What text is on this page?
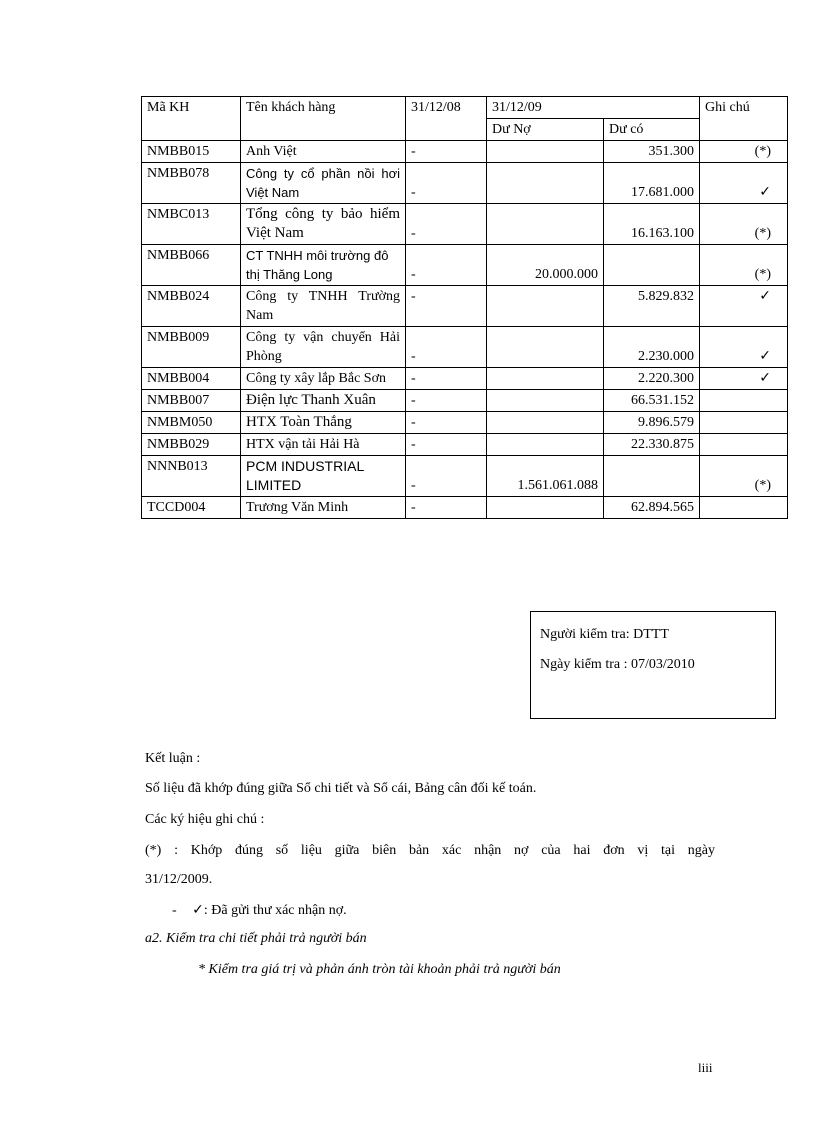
Mã KH	Tên khách hàng	31/12/08	31/12/09		Ghi chú
			Dư Nợ	Dư có	
NMBB015	Anh Việt	-		351.300	(*)
NMBB078	Công ty cổ phần nồi hơi Việt Nam	-		17.681.000	✓
NMBC013	Tổng công ty bảo hiểm Việt Nam	-		16.163.100	(*)
NMBB066	CT TNHH môi trường đô thị Thăng Long	-	20.000.000		(*)
NMBB024	Công ty TNHH Trường Nam	-		5.829.832	✓
NMBB009	Công ty vận chuyển Hải Phòng	-		2.230.000	✓
NMBB004	Công ty xây lắp Bắc Sơn	-		2.220.300	✓
NMBB007	Điện lực Thanh Xuân	-		66.531.152	
NMBM050	HTX Toàn Thắng	-		9.896.579	
NMBB029	HTX vận tải Hải Hà	-		22.330.875	
NNNB013	PCM INDUSTRIAL LIMITED	-	1.561.061.088		(*)
TCCD004	Trương Văn Minh	-		62.894.565	
Người kiểm tra: DTTT
Ngày kiểm tra : 07/03/2010
Kết luận :
Số liệu đã khớp đúng giữa Sổ chi tiết và Sổ cái, Bảng cân đối kế toán.
Các ký hiệu ghi chú :
(*) : Khớp đúng số liệu giữa biên bản xác nhận nợ của hai đơn vị tại ngày
31/12/2009.
- ✓: Đã gửi thư xác nhận nợ.
a2. Kiểm tra chi tiết phải trả người bán
* Kiểm tra giá trị và phản ánh tròn tài khoản phải trả người bán
liii
